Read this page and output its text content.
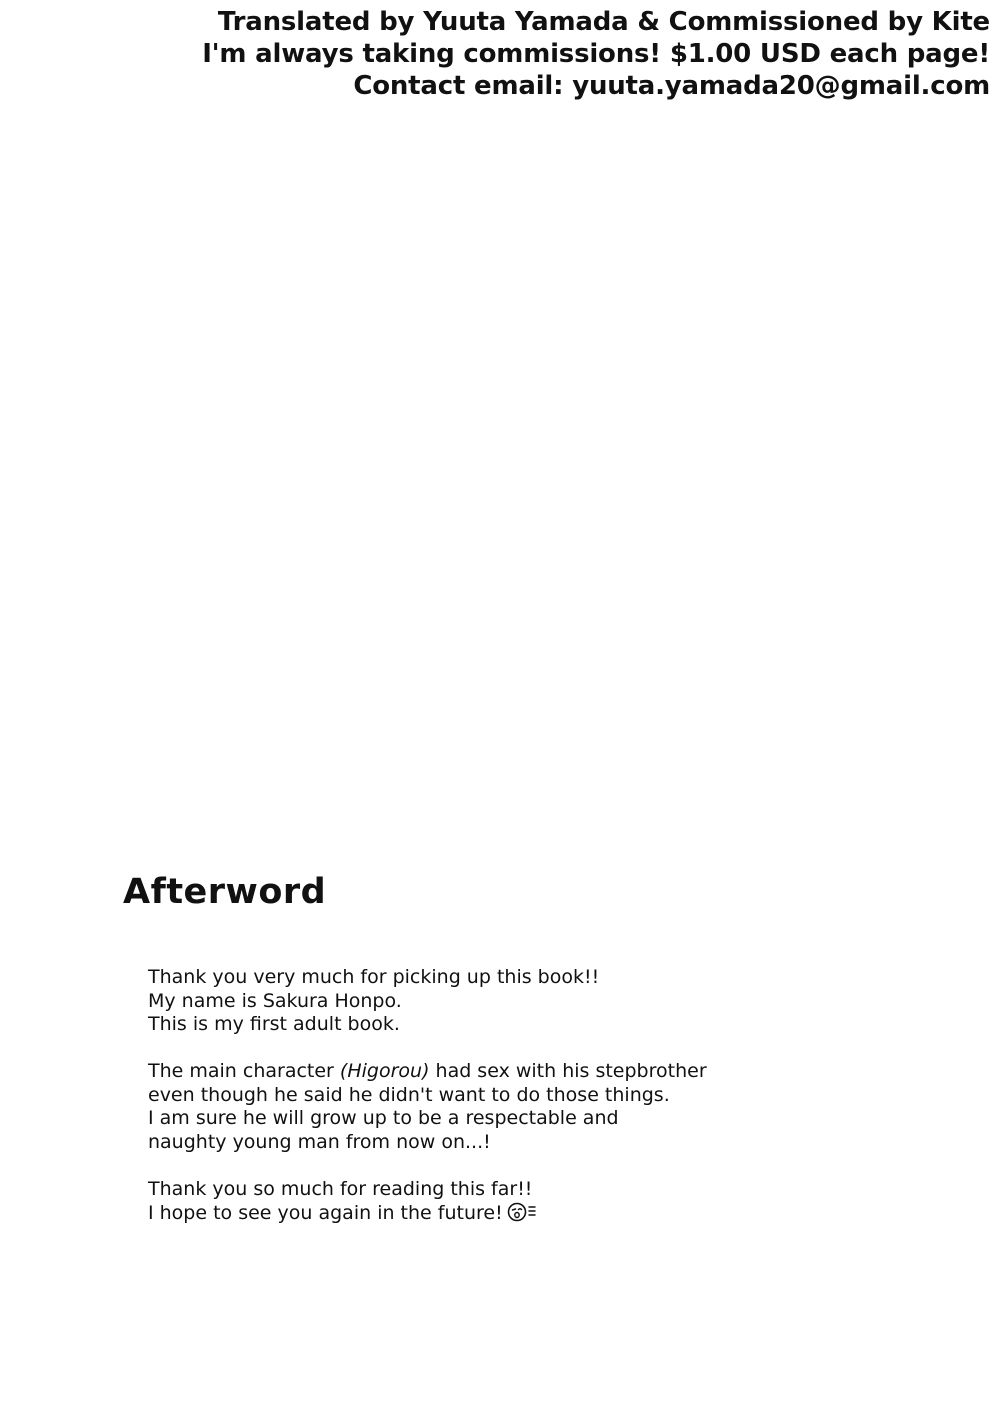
Translated by Yuuta Yamada & Commissioned by Kite
I'm always taking commissions! $1.00 USD each page!
Contact email: yuuta.yamada20@gmail.com
Afterword
Thank you very much for picking up this book!!
My name is Sakura Honpo.
This is my first adult book.
The main character (Higorou) had sex with his stepbrother
even though he said he didn't want to do those things.
I am sure he will grow up to be a respectable and
naughty young man from now on...!
Thank you so much for reading this far!!
I hope to see you again in the future!
